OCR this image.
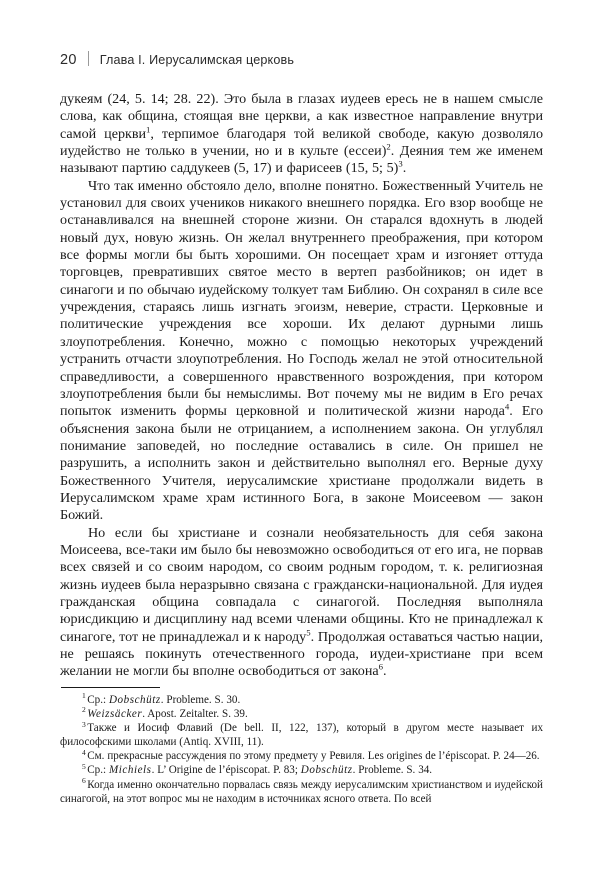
20 Глава I. Иерусалимская церковь

дукеям (24, 5. 14; 28. 22). Это была в глазах иудеев ересь не в нашем смысле слова, как община, стоящая вне церкви, а как известное направление внутри самой церкви$^1$, терпимое благодаря той великой свободе, какую дозволяло иудейство не только в учении, но и в культе (ессеи)$^2$. Деяния тем же именем называют партию саддукеев (5, 17) и фарисеев (15, 5; 5)$^3$.

Что так именно обстояло дело, вполне понятно. Божественный Учитель не установил для своих учеников никакого внешнего порядка. Его взор вообще не останавливался на внешней стороне жизни. Он старался вдохнуть в людей новый дух, новую жизнь. Он желал внутреннего преображения, при котором все формы могли бы быть хорошими. Он посещает храм и изгоняет оттуда торговцев, превративших святое место в вертеп разбойников; он идет в синагоги и по обычаю иудейскому толкует там Библию. Он сохранял в силе все учреждения, стараясь лишь изгнать эгоизм, неверие, страсти. Церковные и политические учреждения все хороши. Их делают дурными лишь злоупотребления. Конечно, можно с помощью некоторых учреждений устранить отчасти злоупотребления. Но Господь желал не этой относительной справедливости, а совершенного нравственного возрождения, при котором злоупотребления были бы немыслимы. Вот почему мы не видим в Его речах попыток изменить формы церковной и политической жизни народа$^4$. Его объяснения закона были не отрицанием, а исполнением закона. Он углублял понимание заповедей, но последние оставались в силе. Он пришел не разрушить, а исполнить закон и действительно выполнял его. Верные духу Божественного Учителя, иерусалимские христиане продолжали видеть в Иерусалимском храме храм истинного Бога, в законе Моисеевом — закон Божий.

Но если бы христиане и сознали необязательность для себя закона Моисеева, все-таки им было бы невозможно освободиться от его ига, не порвав всех связей и со своим народом, со своим родным городом, т. к. религиозная жизнь иудеев была неразрывно связана с граждански-национальной. Для иудея гражданская община совпадала с синагогой. Последняя выполняла юрисдикцию и дисциплину над всеми членами общины. Кто не принадлежал к синагоге, тот не принадлежал и к народу$^5$. Продолжая оставаться частью нации, не решаясь покинуть отечественного города, иудеи-христиане при всем желании не могли бы вполне освободиться от закона$^6$.

$^1$ Ср.: Dobschütz. Probleme. S. 30.

$^2$ Weizsäcker. Apost. Zeitalter. S. 39.

$^3$ Также и Иосиф Флавий (De bell. II, 122, 137), который в другом месте называет их философскими школами (Antiq. XVIII, 11).

$^4$ См. прекрасные рассуждения по этому предмету у Ревиля. Les origines de l’épiscopat. P. 24—26.

$^5$ Ср.: Michiels. L’ Origine de l’épiscopat. P. 83; Dobschütz. Probleme. S. 34.

$^6$ Когда именно окончательно порвалась связь между иерусалимским христианством и иудейской синагогой, на этот вопрос мы не находим в источниках ясного ответа. По всей
